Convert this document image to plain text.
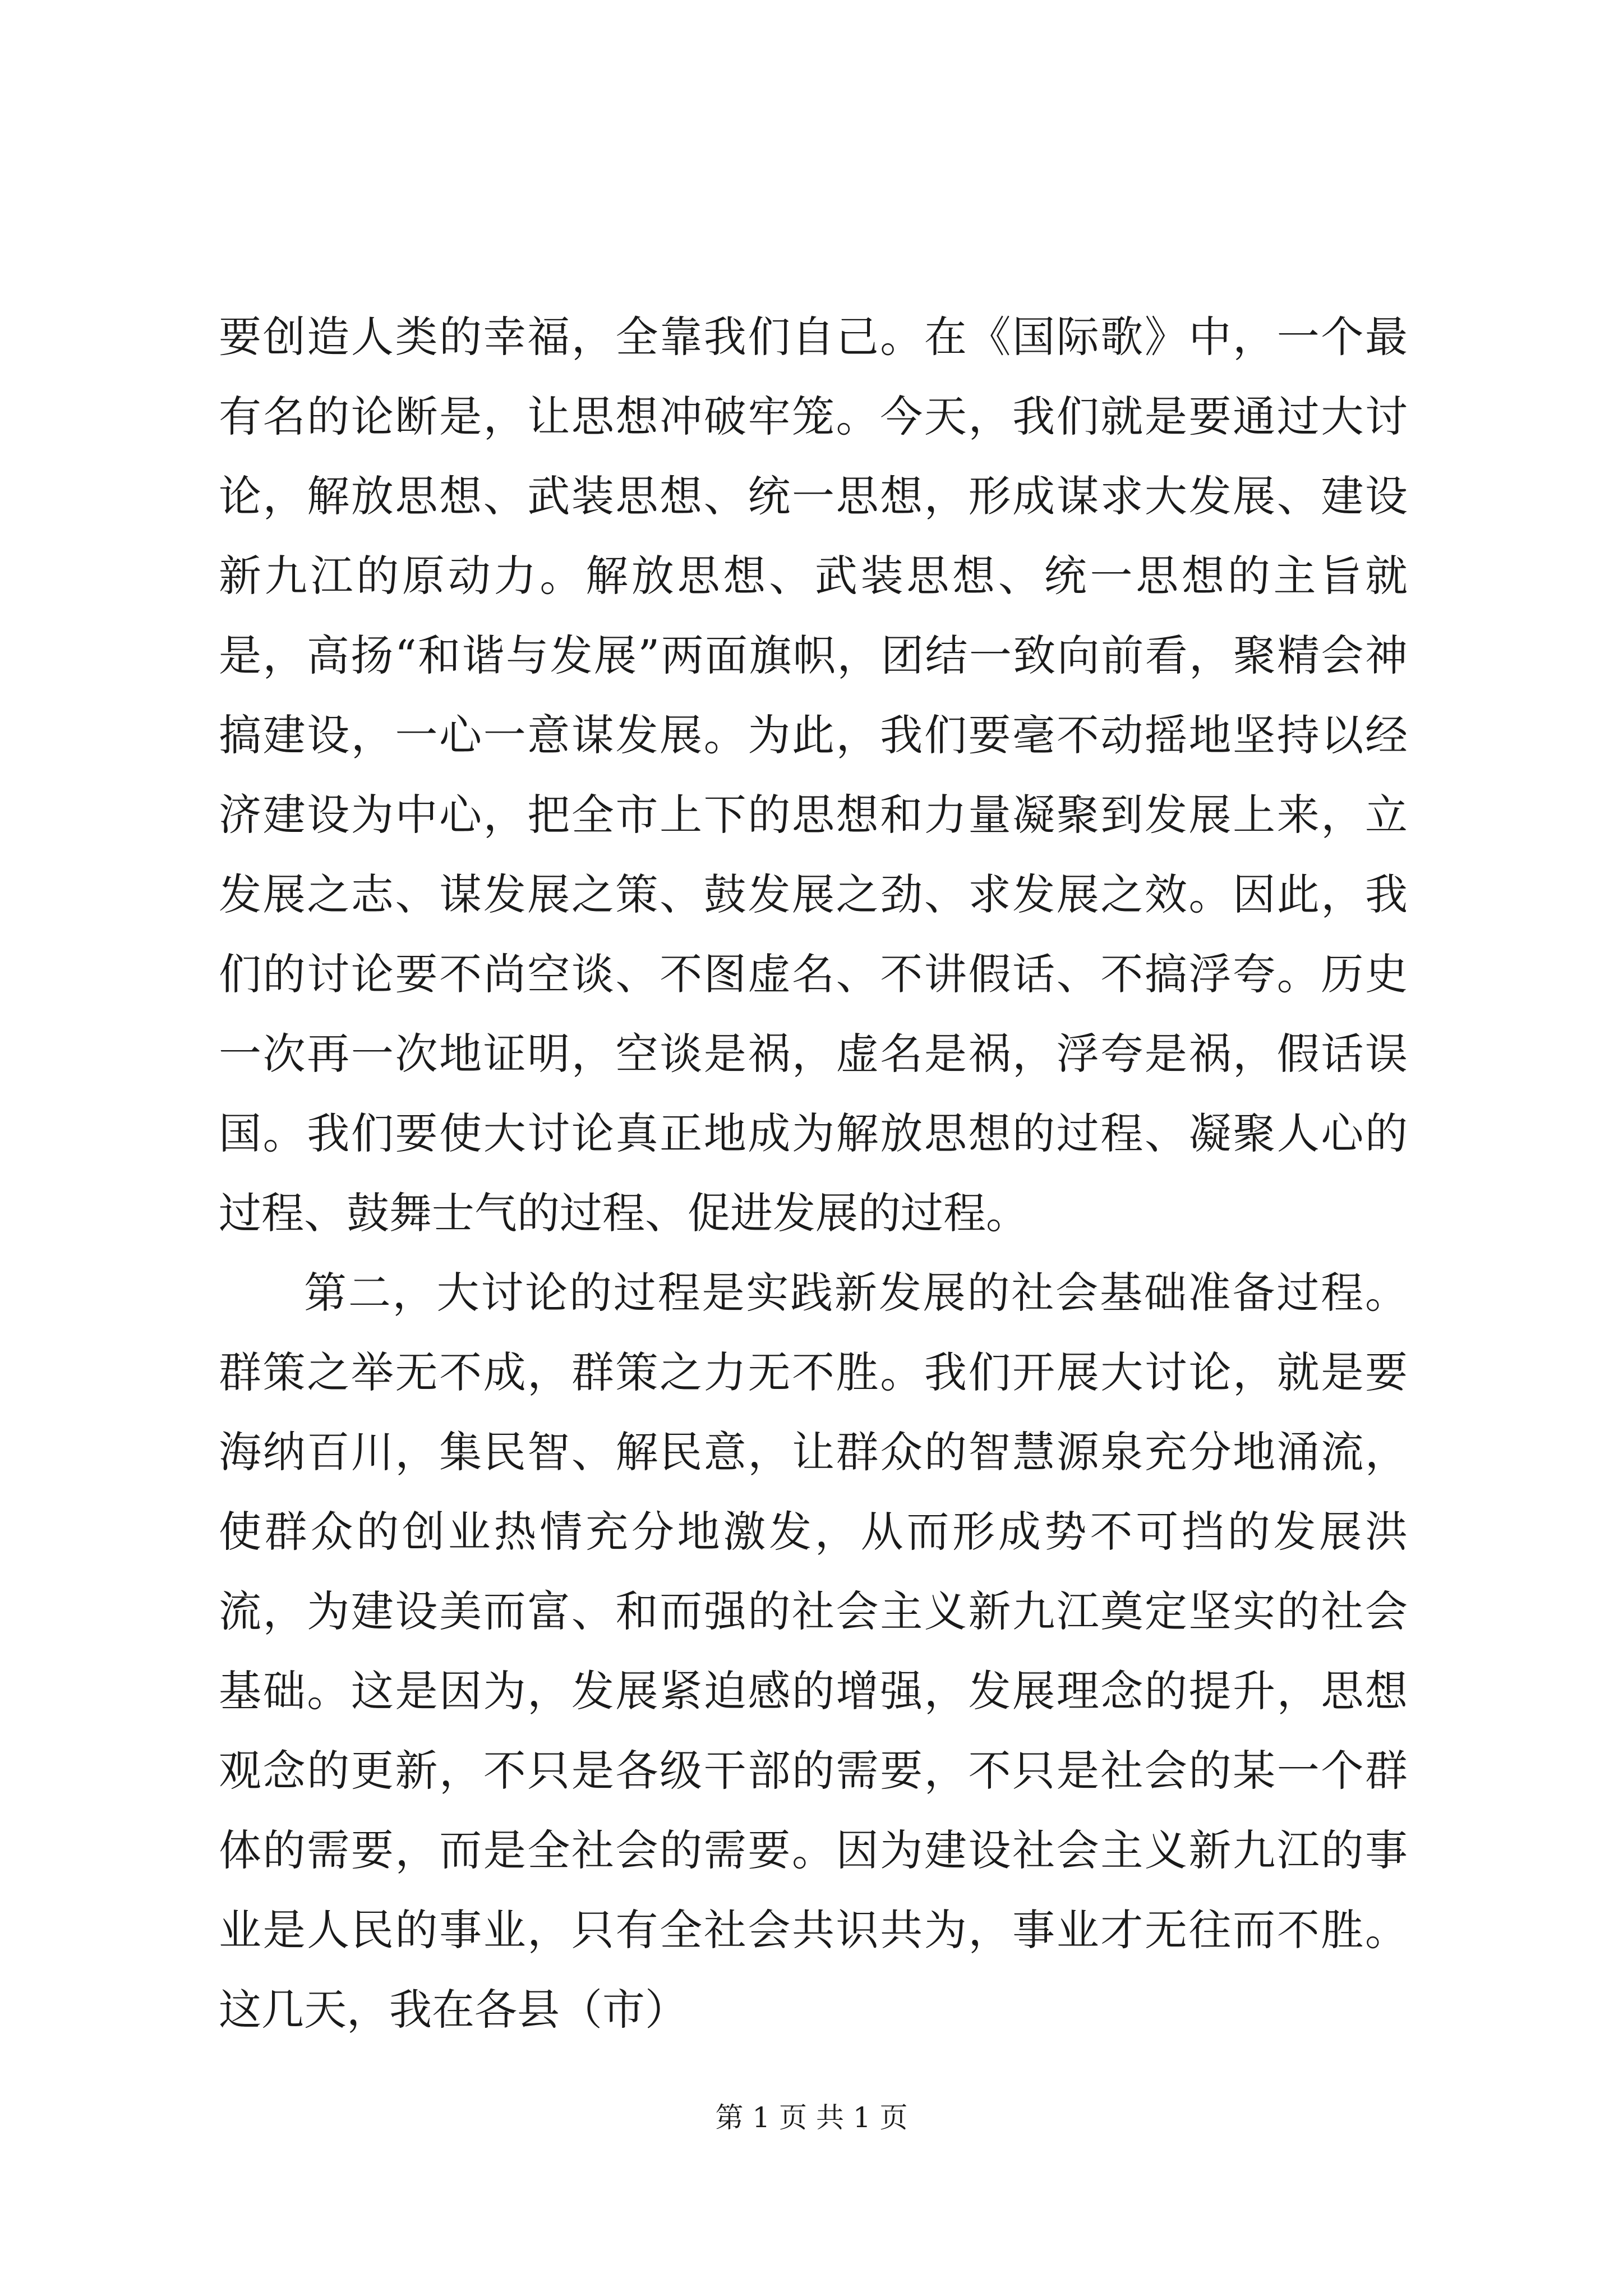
要创造人类的幸福，全靠我们自己。在《国际歌》中，一个最有名的论断是，让思想冲破牢笼。今天，我们就是要通过大讨论，解放思想、武装思想、统一思想，形成谋求大发展、建设新九江的原动力。解放思想、武装思想、统一思想的主旨就是，高扬“和谐与发展”两面旗帜，团结一致向前看，聚精会神搞建设，一心一意谋发展。为此，我们要毫不动摇地坚持以经济建设为中心，把全市上下的思想和力量凝聚到发展上来，立发展之志、谋发展之策、鼓发展之劲、求发展之效。因此，我们的讨论要不尚空谈、不图虚名、不讲假话、不搞浮夸。历史一次再一次地证明，空谈是祸，虚名是祸，浮夸是祸，假话误国。我们要使大讨论真正地成为解放思想的过程、凝聚人心的过程、鼓舞士气的过程、促进发展的过程。

第二，大讨论的过程是实践新发展的社会基础准备过程。群策之举无不成，群策之力无不胜。我们开展大讨论，就是要海纳百川，集民智、解民意，让群众的智慧源泉充分地涌流，使群众的创业热情充分地激发，从而形成势不可挡的发展洪流，为建设美而富、和而强的社会主义新九江奠定坚实的社会基础。这是因为，发展紧迫感的增强，发展理念的提升，思想观念的更新，不只是各级干部的需要，不只是社会的某一个群体的需要，而是全社会的需要。因为建设社会主义新九江的事业是人民的事业，只有全社会共识共为，事业才无往而不胜。这几天，我在各县（市）

第 1 页 共 1 页
